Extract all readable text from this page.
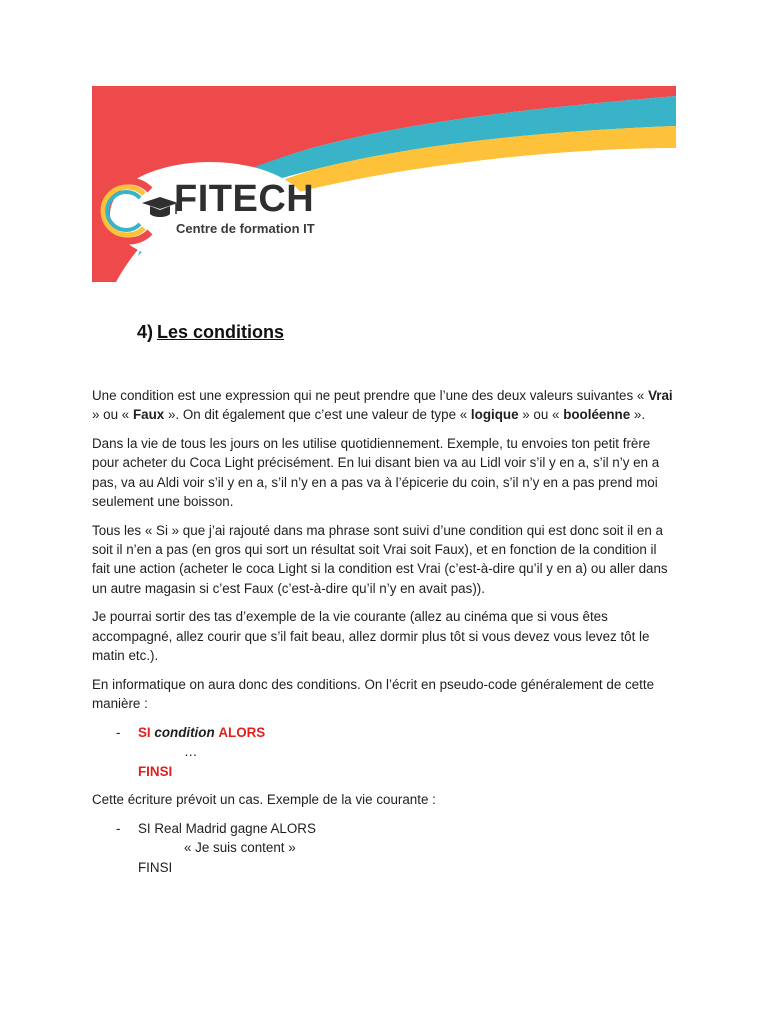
FITECH
Centre de formation IT
4) Les conditions

Une condition est une expression qui ne peut prendre que l’une des deux valeurs suivantes « Vrai » ou « Faux ». On dit également que c’est une valeur de type « logique » ou « booléenne ».

Dans la vie de tous les jours on les utilise quotidiennement. Exemple, tu envoies ton petit frère pour acheter du Coca Light précisément. En lui disant bien va au Lidl voir s’il y en a, s’il n’y en a pas, va au Aldi voir s’il y en a, s’il n’y en a pas va à l’épicerie du coin, s’il n’y en a pas prend moi seulement une boisson.

Tous les « Si » que j’ai rajouté dans ma phrase sont suivi d’une condition qui est donc soit il en a soit il n’en a pas (en gros qui sort un résultat soit Vrai soit Faux), et en fonction de la condition il fait une action (acheter le coca Light si la condition est Vrai (c’est-à-dire qu’il y en a) ou aller dans un autre magasin si c’est Faux (c’est-à-dire qu’il n’y en avait pas)).

Je pourrai sortir des tas d’exemple de la vie courante (allez au cinéma que si vous êtes accompagné, allez courir que s’il fait beau, allez dormir plus tôt si vous devez vous levez tôt le matin etc.).

En informatique on aura donc des conditions. On l’écrit en pseudo-code généralement de cette manière :

- SI condition ALORS
…
FINSI

Cette écriture prévoit un cas. Exemple de la vie courante :

- SI Real Madrid gagne ALORS
« Je suis content »
FINSI
